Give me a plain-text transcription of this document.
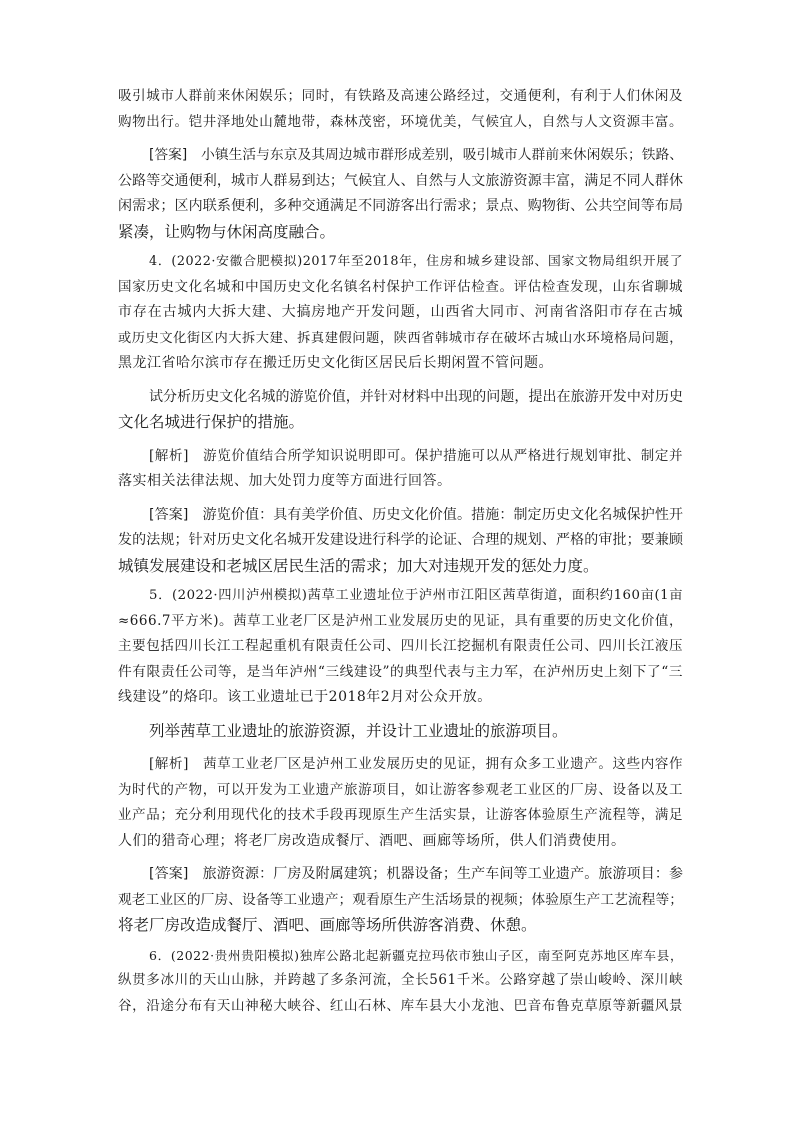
吸引城市人群前来休闲娱乐；同时，有铁路及高速公路经过，交通便利，有利于人们休闲及
购物出行。铠井泽地处山麓地带，森林茂密，环境优美，气候宜人，自然与人文资源丰富。
[答案]　小镇生活与东京及其周边城市群形成差别，吸引城市人群前来休闲娱乐；铁路、
公路等交通便利，城市人群易到达；气候宜人、自然与人文旅游资源丰富，满足不同人群休
闲需求；区内联系便利，多种交通满足不同游客出行需求；景点、购物街、公共空间等布局
紧凑，让购物与休闲高度融合。
4．(2022·安徽合肥模拟)2017年至2018年，住房和城乡建设部、国家文物局组织开展了
国家历史文化名城和中国历史文化名镇名村保护工作评估检查。评估检查发现，山东省聊城
市存在古城内大拆大建、大搞房地产开发问题，山西省大同市、河南省洛阳市存在古城
或历史文化街区内大拆大建、拆真建假问题，陕西省韩城市存在破坏古城山水环境格局问题，
黑龙江省哈尔滨市存在搬迁历史文化街区居民后长期闲置不管问题。
试分析历史文化名城的游览价值，并针对材料中出现的问题，提出在旅游开发中对历史
文化名城进行保护的措施。
[解析]　游览价值结合所学知识说明即可。保护措施可以从严格进行规划审批、制定并
落实相关法律法规、加大处罚力度等方面进行回答。
[答案]　游览价值：具有美学价值、历史文化价值。措施：制定历史文化名城保护性开
发的法规；针对历史文化名城开发建设进行科学的论证、合理的规划、严格的审批；要兼顾
城镇发展建设和老城区居民生活的需求；加大对违规开发的惩处力度。
5．(2022·四川泸州模拟)茜草工业遗址位于泸州市江阳区茜草街道，面积约160亩(1亩
≈666.7平方米)。茜草工业老厂区是泸州工业发展历史的见证，具有重要的历史文化价值，
主要包括四川长江工程起重机有限责任公司、四川长江挖掘机有限责任公司、四川长江液压
件有限责任公司等，是当年泸州“三线建设”的典型代表与主力军，在泸州历史上刻下了“三
线建设”的烙印。该工业遗址已于2018年2月对公众开放。
列举茜草工业遗址的旅游资源，并设计工业遗址的旅游项目。
[解析]　茜草工业老厂区是泸州工业发展历史的见证，拥有众多工业遗产。这些内容作
为时代的产物，可以开发为工业遗产旅游项目，如让游客参观老工业区的厂房、设备以及工
业产品；充分利用现代化的技术手段再现原生产生活实景，让游客体验原生产流程等，满足
人们的猎奇心理；将老厂房改造成餐厅、酒吧、画廊等场所，供人们消费使用。
[答案]　旅游资源：厂房及附属建筑；机器设备；生产车间等工业遗产。旅游项目：参
观老工业区的厂房、设备等工业遗产；观看原生产生活场景的视频；体验原生产工艺流程等；
将老厂房改造成餐厅、酒吧、画廊等场所供游客消费、休憩。
6．(2022·贵州贵阳模拟)独库公路北起新疆克拉玛依市独山子区，南至阿克苏地区库车县，
纵贯多冰川的天山山脉，并跨越了多条河流，全长561千米。公路穿越了崇山峻岭、深川峡
谷，沿途分布有天山神秘大峡谷、红山石林、库车县大小龙池、巴音布鲁克草原等新疆风景
